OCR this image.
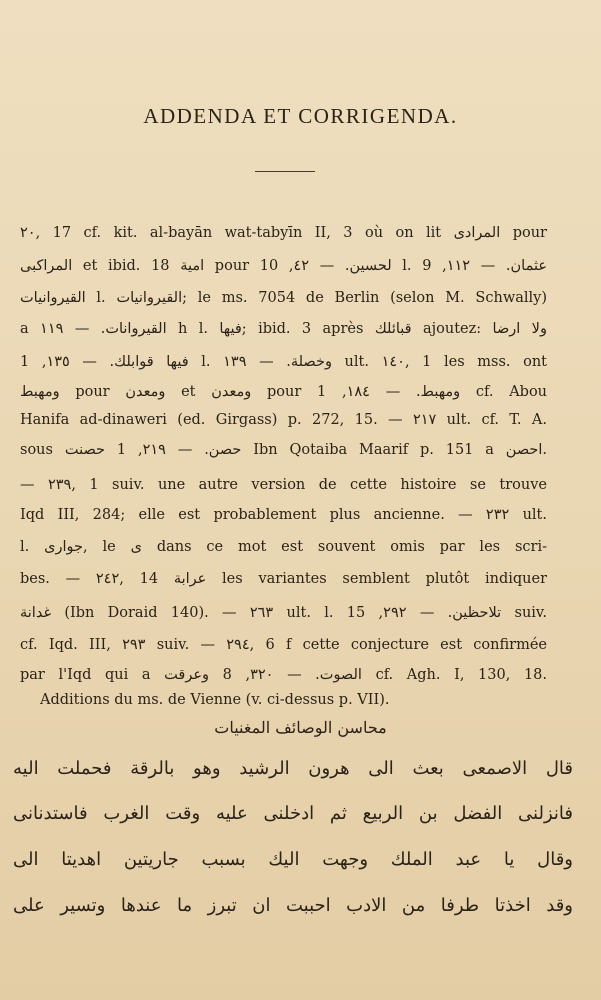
ADDENDA ET CORRIGENDA.
٢٠, 17 cf. kit. al-bayān wat-tabyīn II, 3 où on lit المرادى pour
المراكبى et ibid. 18 امية pour لحسين. — ٤٢, 10 l. عثمان. — ١١٢, 9
القيروانيات l. القيروانيات; le ms. 7054 de Berlin (selon M. Schwally)
a القيروانات. — ١١٩ h l. فيها; ibid. 3 après قبائلك ajoutez: ولا ارضا
فيها قوابلك. — ١٣٥, 1 l. وخصلة. — ١٣٩ ult. ١٤٠, 1 les mss. ont
ومهبط pour ومعدن et ومعدن pour ومهبط. — ١٨٤, 1 cf. Abou
Hanifa ad-dinaweri (ed. Girgass) p. 272, 15. — ٢١٧ ult. cf. T. A.
sous حصن. — ٢١٩, 1 حصنت Ibn Qotaiba Maarif p. 151 a احصن.
— ٢٣٩, 1 suiv. une autre version de cette histoire se trouve
Iqd III, 284; elle est probablement plus ancienne. — ٢٣٢ ult.
l. جوارى, le ى dans ce mot est souvent omis par les scri-
bes. — ٢٤٢, 14 عرابة les variantes semblent plutôt indiquer
غدانة (Ibn Doraid 140). — ٢٦٣ ult. l. تلاحظين. — ٢٩٢, 15 suiv.
cf. Iqd. III, ٢٩٣ suiv. — ٢٩٤, 6 f cette conjecture est confirmée
par l'Iqd qui a الصوت. — ٣٢٠, 8 وعرقت cf. Agh. I, 130, 18.
Additions du ms. de Vienne (v. ci-dessus p. VII).
محاسن الوصائف المغنيات
قال الاصمعى بعث الى هرون الرشيد وهو بالرقة فحملت اليه
فانزلنى الفضل بن الربيع ثم ادخلنى عليه وقت الغرب فاستدنانى
وقال يا عبد الملك وجهت اليك بسبب جاريتين اهديتا الى
وقد اخذتا طرفا من الادب احببت ان تبرز ما عندها وتسير على
